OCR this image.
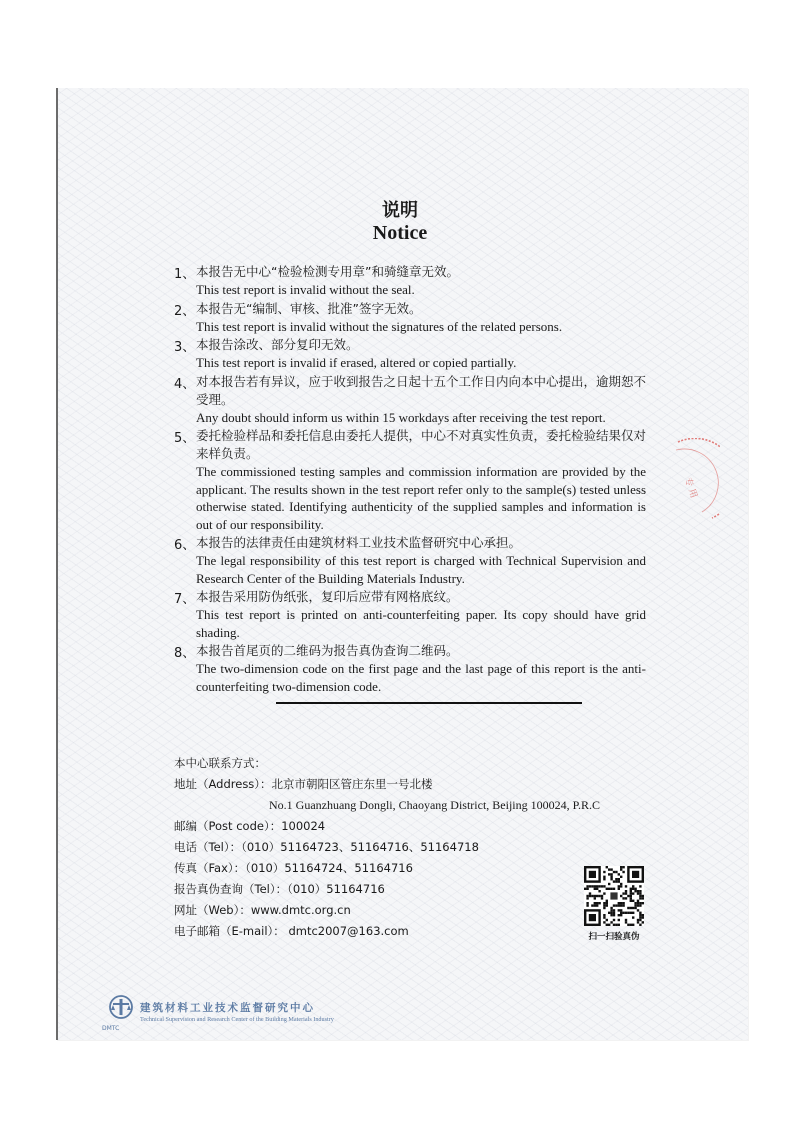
说明
Notice
1、 本报告无中心“检验检测专用章”和骑缝章无效。
This test report is invalid without the seal.
2、 本报告无“编制、审核、批准”签字无效。
This test report is invalid without the signatures of the related persons.
3、 本报告涂改、部分复印无效。
This test report is invalid if erased, altered or copied partially.
4、 对本报告若有异议，应于收到报告之日起十五个工作日内向本中心提出，逾期恕不受理。
Any doubt should inform us within 15 workdays after receiving the test report.
5、 委托检验样品和委托信息由委托人提供，中心不对真实性负责，委托检验结果仅对来样负责。
The commissioned testing samples and commission information are provided by the applicant. The results shown in the test report refer only to the sample(s) tested unless otherwise stated. Identifying authenticity of the supplied samples and information is out of our responsibility.
6、 本报告的法律责任由建筑材料工业技术监督研究中心承担。
The legal responsibility of this test report is charged with Technical Supervision and Research Center of the Building Materials Industry.
7、 本报告采用防伪纸张，复印后应带有网格底纹。
This test report is printed on anti-counterfeiting paper. Its copy should have grid shading.
8、 本报告首尾页的二维码为报告真伪查询二维码。
The two-dimension code on the first page and the last page of this report is the anti-counterfeiting two-dimension code.
本中心联系方式：
地址（Address）：北京市朝阳区管庄东里一号北楼
No.1 Guanzhuang Dongli, Chaoyang District, Beijing 100024, P.R.C
邮编（Post code）：100024
电话（Tel）：（010）51164723、51164716、51164718
传真（Fax）：（010）51164724、51164716
报告真伪查询（Tel）：（010）51164716
网址（Web）：www.dmtc.org.cn
电子邮箱（E-mail）： dmtc2007@163.com	扫一扫验真伪
专 用
DMTC
建筑材料工业技术监督研究中心
Technical Supervision and Research Center of the Building Materials Industry
